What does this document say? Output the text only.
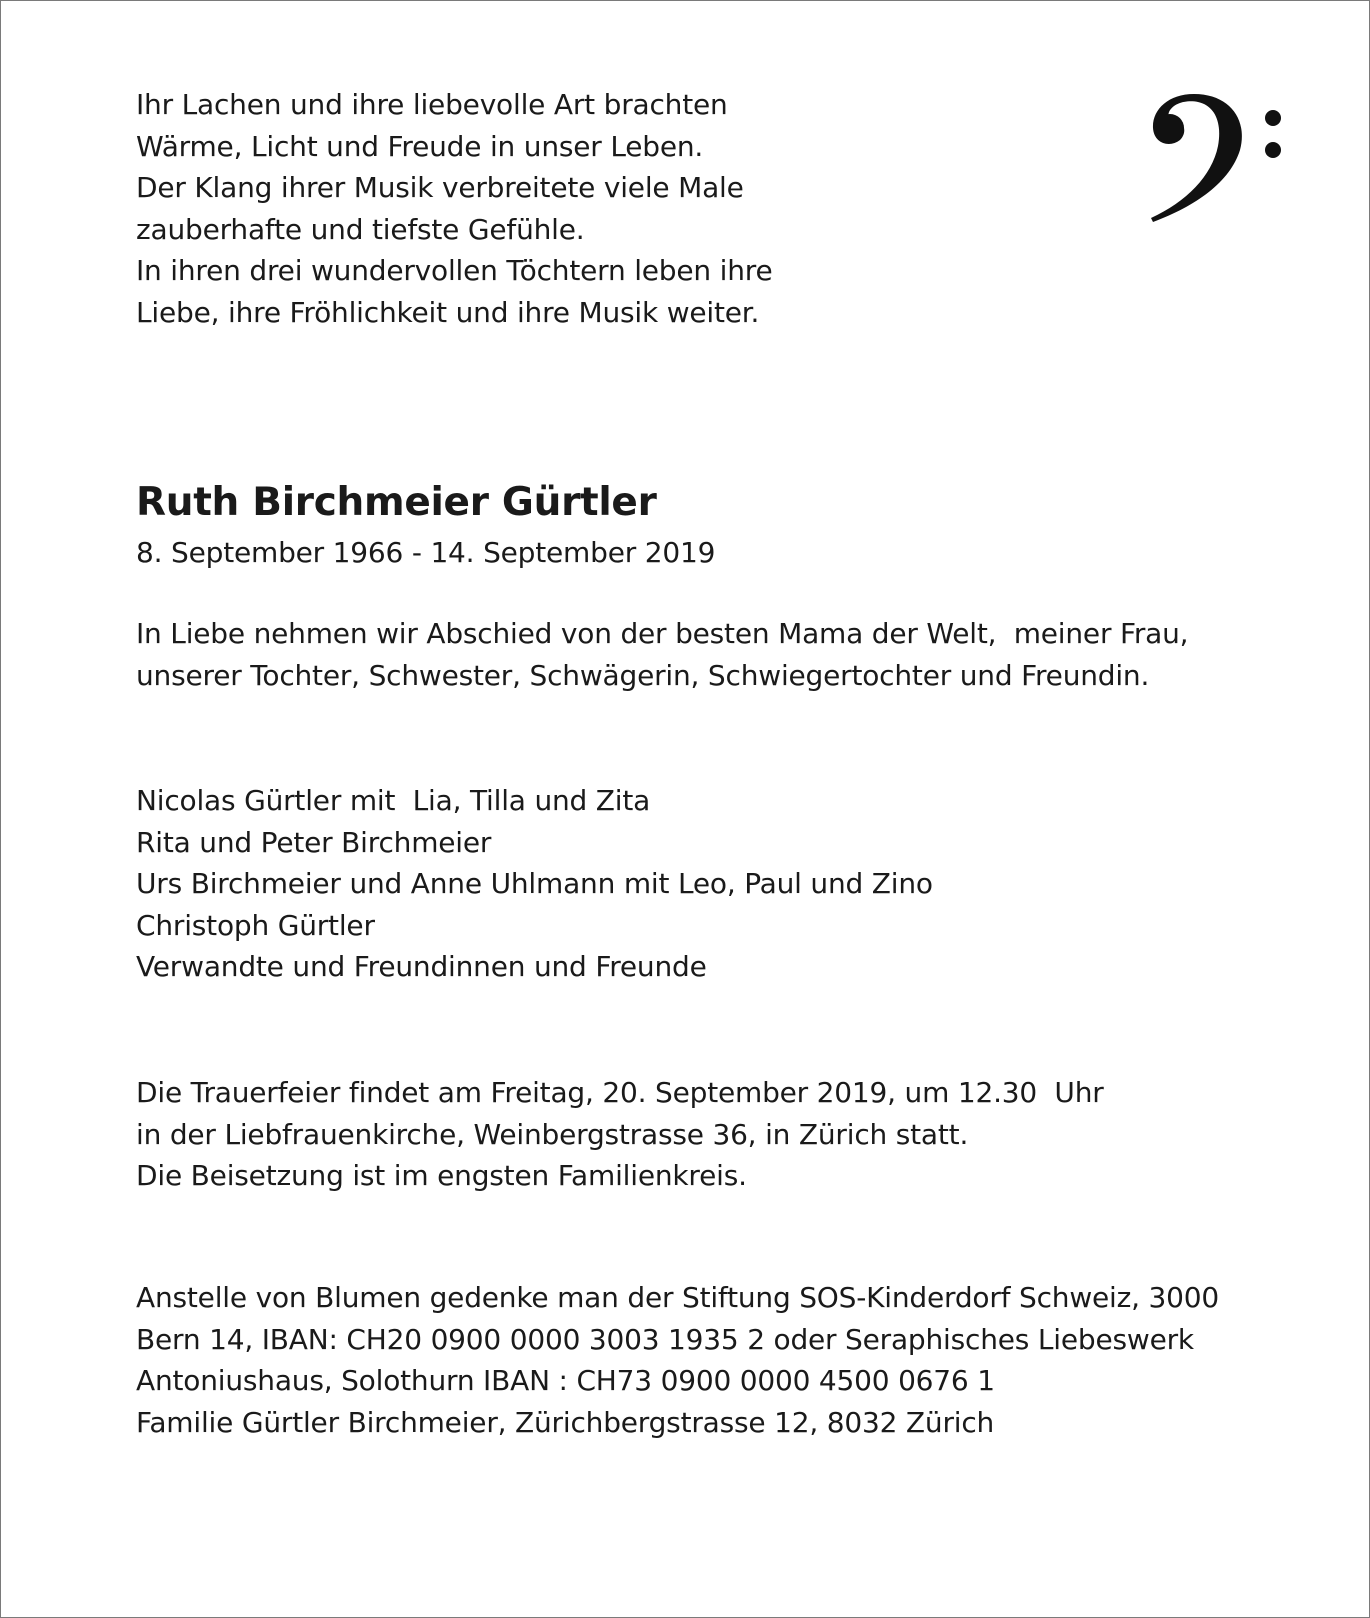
Ihr Lachen und ihre liebevolle Art brachten
Wärme, Licht und Freude in unser Leben.
Der Klang ihrer Musik verbreitete viele Male
zauberhafte und tiefste Gefühle.
In ihren drei wundervollen Töchtern leben ihre
Liebe, ihre Fröhlichkeit und ihre Musik weiter.
Ruth Birchmeier Gürtler
8. September 1966 - 14. September 2019
In Liebe nehmen wir Abschied von der besten Mama der Welt,  meiner Frau,
unserer Tochter, Schwester, Schwägerin, Schwiegertochter und Freundin.
Nicolas Gürtler mit  Lia, Tilla und Zita
Rita und Peter Birchmeier
Urs Birchmeier und Anne Uhlmann mit Leo, Paul und Zino
Christoph Gürtler
Verwandte und Freundinnen und Freunde
Die Trauerfeier findet am Freitag, 20. September 2019, um 12.30  Uhr
in der Liebfrauenkirche, Weinbergstrasse 36, in Zürich statt.
Die Beisetzung ist im engsten Familienkreis.
Anstelle von Blumen gedenke man der Stiftung SOS-Kinderdorf Schweiz, 3000
Bern 14, IBAN: CH20 0900 0000 3003 1935 2 oder Seraphisches Liebeswerk
Antoniushaus, Solothurn IBAN : CH73 0900 0000 4500 0676 1
Familie Gürtler Birchmeier, Zürichbergstrasse 12, 8032 Zürich
